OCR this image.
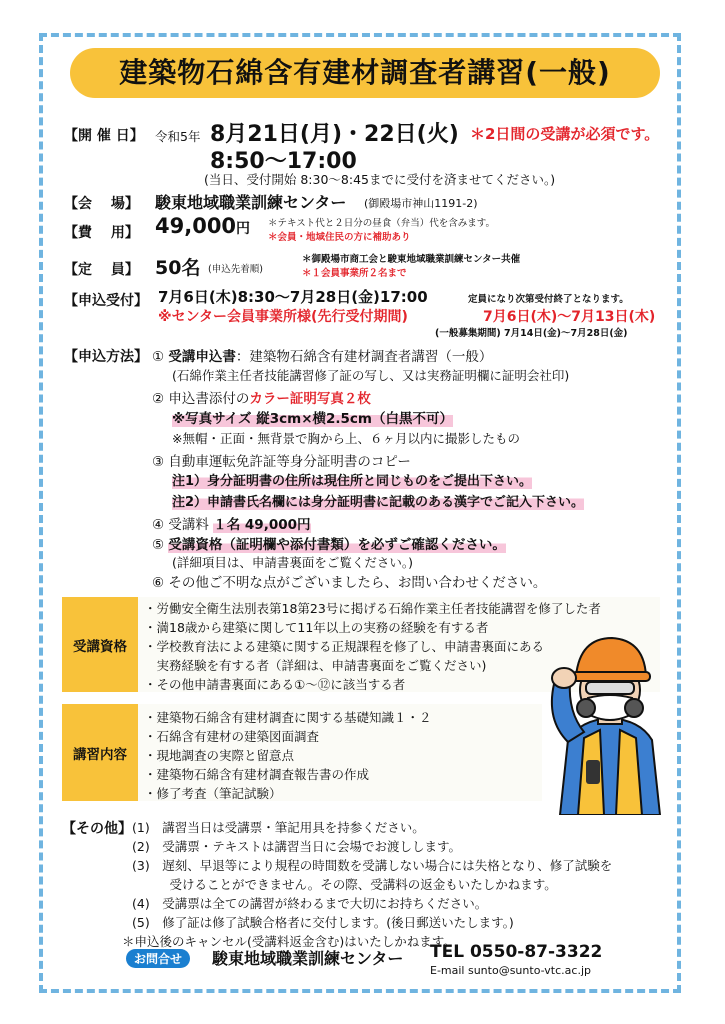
建築物石綿含有建材調査者講習(一般)
【開 催 日】 令和5年 8月21日(月)・22日(火) ＊2日間の受講が必須です。
8:50〜17:00
(当日、受付開始 8:30〜8:45までに受付を済ませてください。)
【会　 場】 駿東地域職業訓練センター (御殿場市神山1191-2)
【費　 用】 49,000円 ＊テキスト代と２日分の昼食（弁当）代を含みます。
＊会員・地域住民の方に補助あり
【定　 員】 50名 (申込先着順)
＊御殿場市商工会と駿東地域職業訓練センター共催
＊１会員事業所２名まで
【申込受付】 7月6日(木)8:30〜7月28日(金)17:00	定員になり次第受付終了となります。
※センター会員事業所様(先行受付期間)	7月6日(木)〜7月13日(木)
(一般募集期間) 7月14日(金)〜7月28日(金)
【申込方法】 ① 受講申込書：建築物石綿含有建材調査者講習（一般）
(石綿作業主任者技能講習修了証の写し、又は実務証明欄に証明会社印)
② 申込書添付のカラー証明写真２枚
※写真サイズ 縦3cm×横2.5cm（白黒不可）
※無帽・正面・無背景で胸から上、６ヶ月以内に撮影したもの
③ 自動車運転免許証等身分証明書のコピー
注1）身分証明書の住所は現住所と同じものをご提出下さい。
注2）申請書氏名欄には身分証明書に記載のある漢字でご記入下さい。
④ 受講料 １名 49,000円
⑤ 受講資格（証明欄や添付書類）を必ずご確認ください。
(詳細項目は、申請書裏面をご覧ください。)
⑥ その他ご不明な点がございましたら、お問い合わせください。
受講資格
・労働安全衛生法別表第18第23号に掲げる石綿作業主任者技能講習を修了した者
・満18歳から建築に関して11年以上の実務の経験を有する者
・学校教育法による建築に関する正規課程を修了し、申請書裏面にある
　実務経験を有する者（詳細は、申請書裏面をご覧ください)
・その他申請書裏面にある①〜⑫に該当する者
講習内容
・建築物石綿含有建材調査に関する基礎知識１・２
・石綿含有建材の建築図面調査
・現地調査の実際と留意点
・建築物石綿含有建材調査報告書の作成
・修了考査（筆記試験）
【その他】 (1)　講習当日は受講票・筆記用具を持参ください。
(2)　受講票・テキストは講習当日に会場でお渡しします。
(3)　遅刻、早退等により規程の時間数を受講しない場合には失格となり、修了試験を
　　　受けることができません。その際、受講料の返金もいたしかねます。
(4)　受講票は全ての講習が終わるまで大切にお持ちください。
(5)　修了証は修了試験合格者に交付します。(後日郵送いたします。)
＊申込後のキャンセル(受講料返金含む)はいたしかねます。
お問合せ	駿東地域職業訓練センター TEL 0550-87-3322
E-mail sunto@sunto-vtc.ac.jp
